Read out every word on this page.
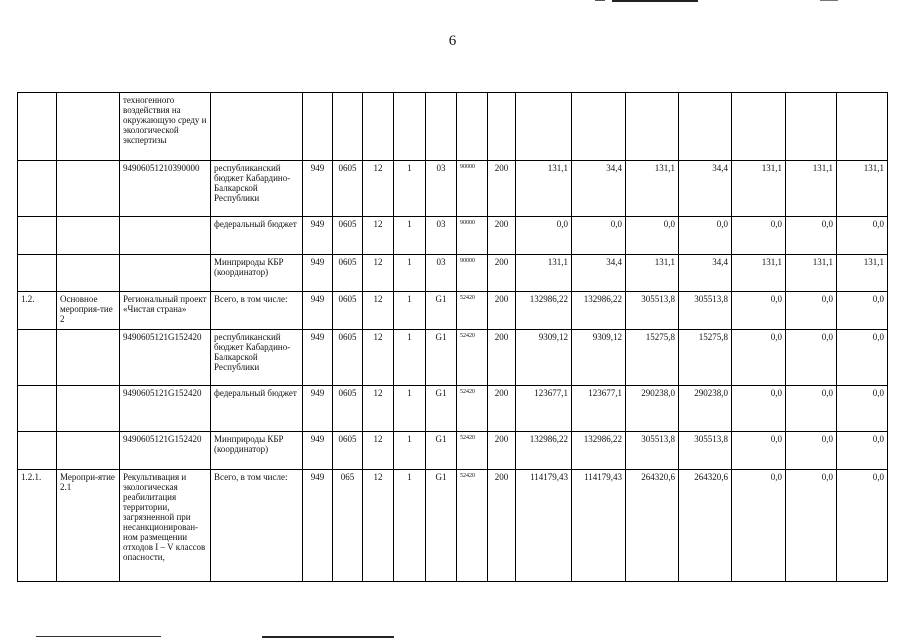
6
		техногенного воздействия на окружающую среду и экологической экспертизы															
		94906051210390000	республиканский бюджет Кабардино-Балкарской Республики	949	0605	12	1	03	90000	200	131,1	34,4	131,1	34,4	131,1	131,1	131,1
			федеральный бюджет	949	0605	12	1	03	90000	200	0,0	0,0	0,0	0,0	0,0	0,0	0,0
			Минприроды КБР (координатор)	949	0605	12	1	03	90000	200	131,1	34,4	131,1	34,4	131,1	131,1	131,1
1.2.	Основное мероприя-тие 2	Региональный проект «Чистая страна»	Всего, в том числе:	949	0605	12	1	G1	52420	200	132986,22	132986,22	305513,8	305513,8	0,0	0,0	0,0
		9490605121G152420	республиканский бюджет Кабардино-Балкарской Республики	949	0605	12	1	G1	52420	200	9309,12	9309,12	15275,8	15275,8	0,0	0,0	0,0
		9490605121G152420	федеральный бюджет	949	0605	12	1	G1	52420	200	123677,1	123677,1	290238,0	290238,0	0,0	0,0	0,0
		9490605121G152420	Минприроды КБР (координатор)	949	0605	12	1	G1	52420	200	132986,22	132986,22	305513,8	305513,8	0,0	0,0	0,0
1.2.1.	Меропри-ятие 2.1	Рекультивация и экологическая реабилитация территории, загрязненной при несанкционирован-ном размещении отходов I – V классов опасности,	Всего, в том числе:	949	065	12	1	G1	52420	200	114179,43	114179,43	264320,6	264320,6	0,0	0,0	0,0
